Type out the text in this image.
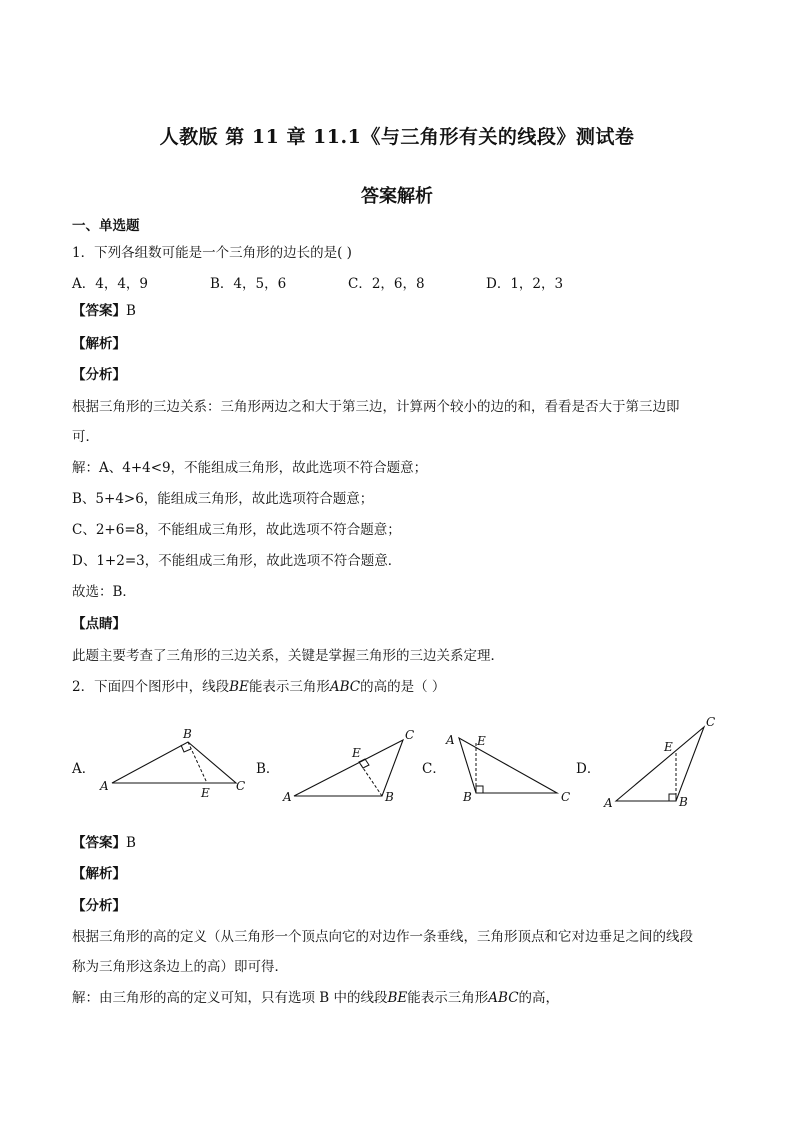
人教版 第 11 章 11.1《与三角形有关的线段》测试卷
答案解析
一、单选题
1．下列各组数可能是一个三角形的边长的是( )
A．4，4，9	B．4，5，6	C．2，6，8	D．1，2，3
【答案】B
【解析】
【分析】
根据三角形的三边关系：三角形两边之和大于第三边，计算两个较小的边的和，看看是否大于第三边即
可．
解：A、4+4<9，不能组成三角形，故此选项不符合题意；
B、5+4>6，能组成三角形，故此选项符合题意；
C、2+6=8，不能组成三角形，故此选项不符合题意；
D、1+2=3，不能组成三角形，故此选项不符合题意．
故选：B．
【点睛】
此题主要考查了三角形的三边关系，关键是掌握三角形的三边关系定理．
2．下面四个图形中，线段BE能表示三角形ABC的高的是（ ）
A．	B．	C．	D．
A
B
C
E	A	B
C
E
A
B	C
E
A	B
C
E
【答案】B
【解析】
【分析】
根据三角形的高的定义（从三角形一个顶点向它的对边作一条垂线，三角形顶点和它对边垂足之间的线段
称为三角形这条边上的高）即可得．
解：由三角形的高的定义可知，只有选项 B 中的线段BE能表示三角形ABC的高，
